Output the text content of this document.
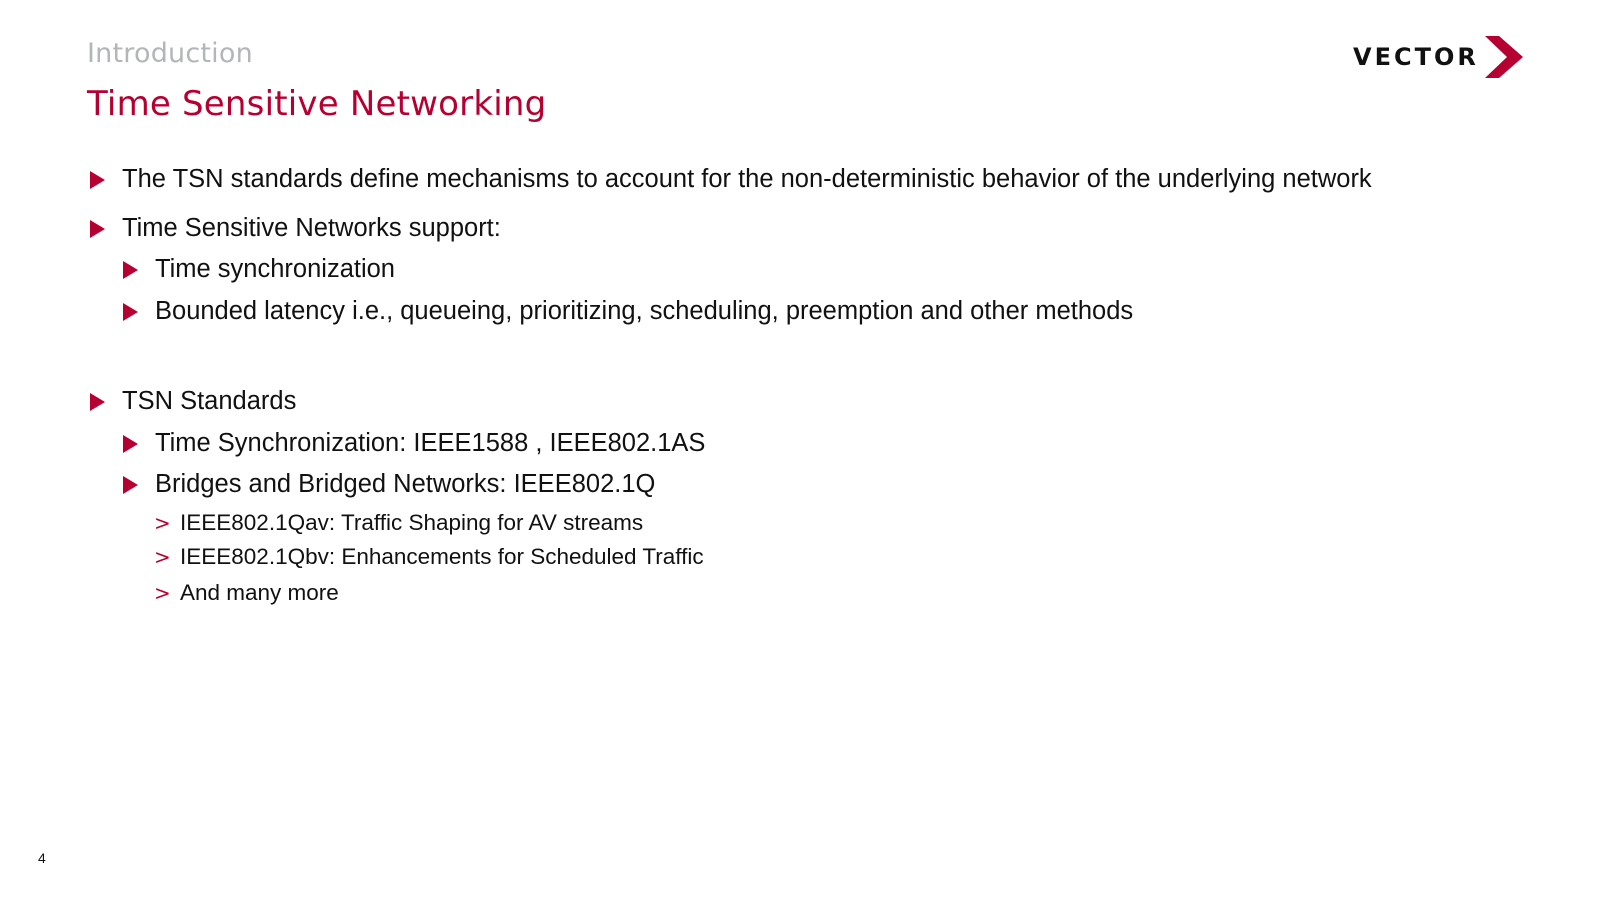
Introduction
Time Sensitive Networking
VECTOR
The TSN standards define mechanisms to account for the non-deterministic behavior of the underlying network
Time Sensitive Networks support:
Time synchronization
Bounded latency i.e., queueing, prioritizing, scheduling, preemption and other methods
TSN Standards
Time Synchronization: IEEE1588 , IEEE802.1AS
Bridges and Bridged Networks: IEEE802.1Q
> IEEE802.1Qav: Traffic Shaping for AV streams
> IEEE802.1Qbv: Enhancements for Scheduled Traffic
> And many more
4
